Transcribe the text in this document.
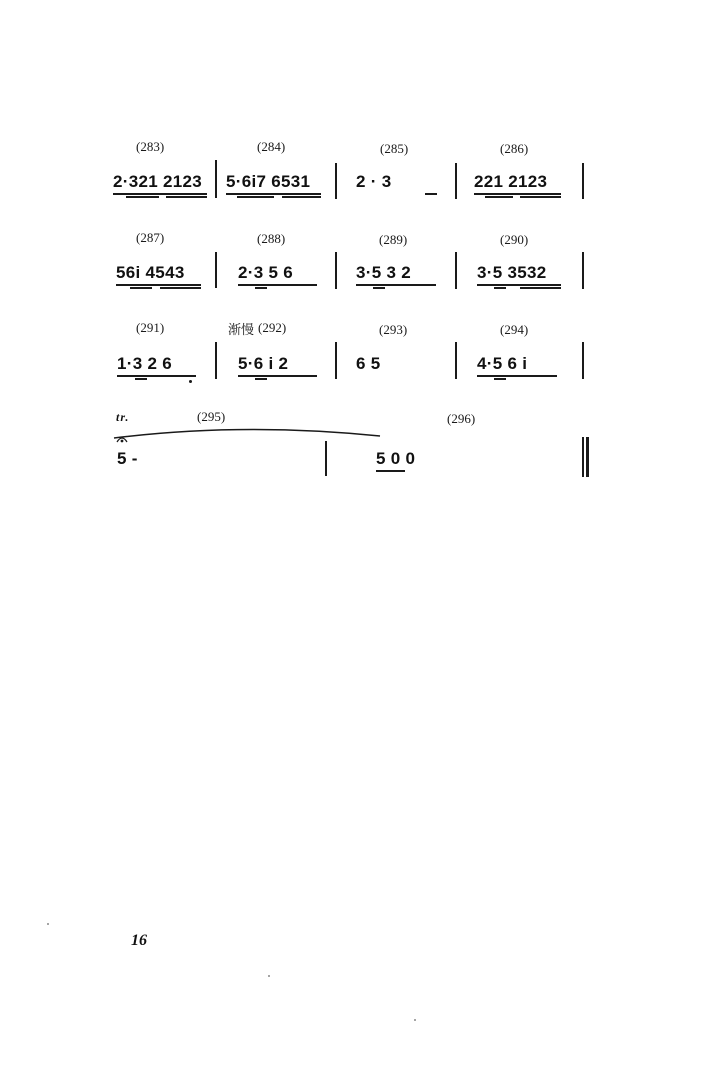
(283)	(284)	(285)	(286)
2·321 2123 5·6i7 6531	2 · 3	221 2123
(287)	(288)	(289)	(290)
56i 4543	2·3 5 6	3·5 3 2	3·5 3532
(291)	渐慢 (292)	(293)	(294)
1·3 2 6	5·6 i 2	6 5	4·5 6 i
tr.	(295)	(296)
5 -	5 0 0
16
